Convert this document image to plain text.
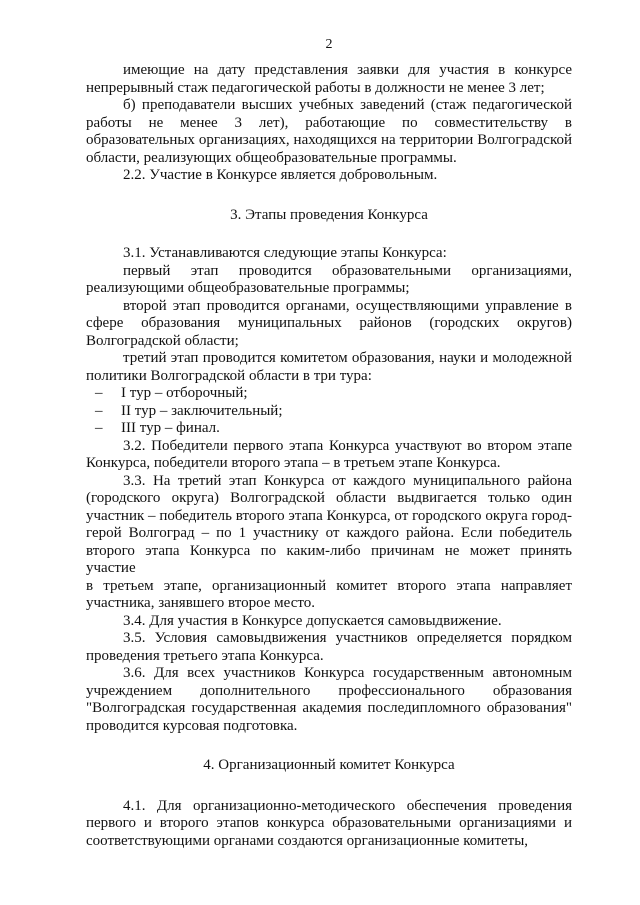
2

имеющие на дату представления заявки для участия в конкурсе непрерывный стаж педагогической работы в должности не менее 3 лет;

б) преподаватели высших учебных заведений (стаж педагогической работы не менее 3 лет), работающие по совместительству в образовательных организациях, находящихся на территории Волгоградской области, реализующих общеобразовательные программы.

2.2. Участие в Конкурсе является добровольным.

3. Этапы проведения Конкурса

3.1. Устанавливаются следующие этапы Конкурса:

первый этап проводится образовательными организациями, реализующими общеобразовательные программы;

второй этап проводится органами, осуществляющими управление в сфере образования муниципальных районов (городских округов) Волгоградской области;

третий этап проводится комитетом образования, науки и молодежной политики Волгоградской области в три тура:

– I тур – отборочный;

– II тур – заключительный;

– III тур – финал.

3.2. Победители первого этапа Конкурса участвуют во втором этапе Конкурса, победители второго этапа – в третьем этапе Конкурса.

3.3. На третий этап Конкурса от каждого муниципального района (городского округа) Волгоградской области выдвигается только один участник – победитель второго этапа Конкурса, от городского округа город-герой Волгоград – по 1 участнику от каждого района. Если победитель второго этапа Конкурса по каким-либо причинам не может принять участие

в третьем этапе, организационный комитет второго этапа направляет участника, занявшего второе место.

3.4. Для участия в Конкурсе допускается самовыдвижение.

3.5. Условия самовыдвижения участников определяется порядком проведения третьего этапа Конкурса.

3.6. Для всех участников Конкурса государственным автономным учреждением дополнительного профессионального образования "Волгоградская государственная академия последипломного образования" проводится курсовая подготовка.

4. Организационный комитет Конкурса

4.1. Для организационно-методического обеспечения проведения первого и второго этапов конкурса образовательными организациями и соответствующими органами создаются организационные комитеты,
